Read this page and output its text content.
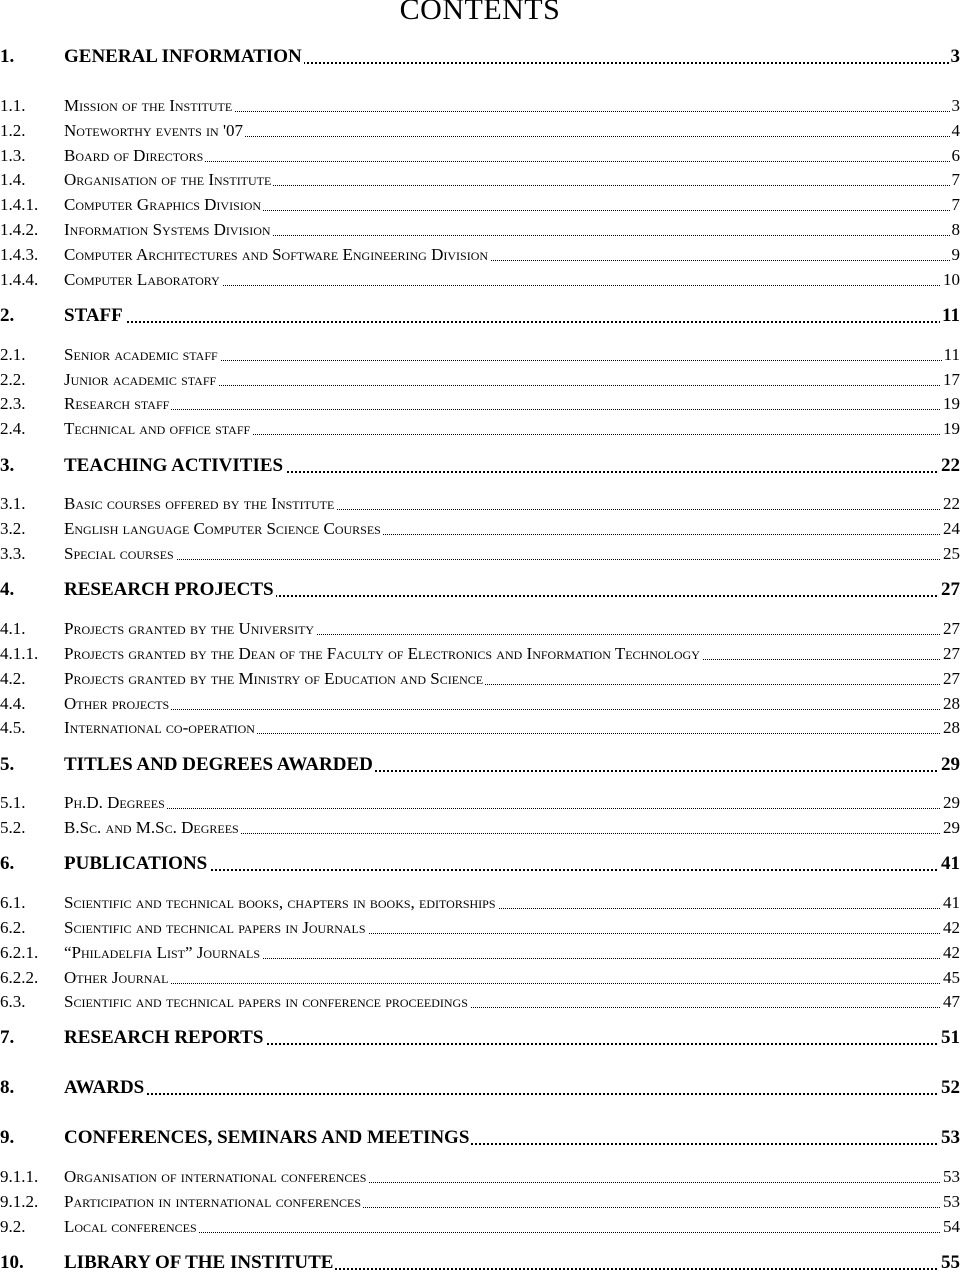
CONTENTS
1.	GENERAL INFORMATION	3
1.1. Mission of the Institute	3
1.2. Noteworthy events in '07	4
1.3. Board of Directors	6
1.4. Organisation of the Institute	7
1.4.1. Computer Graphics Division	7
1.4.2. Information Systems Division	8
1.4.3. Computer Architectures and Software Engineering Division	9
1.4.4. Computer Laboratory	10
2.	STAFF	11
2.1. Senior academic staff	11
2.2. Junior academic staff	17
2.3. Research staff	19
2.4. Technical and office staff	19
3.	TEACHING ACTIVITIES	22
3.1. Basic courses offered by the Institute	22
3.2. English language Computer Science Courses	24
3.3. Special courses	25
4.	RESEARCH PROJECTS	27
4.1. Projects granted by the University	27
4.1.1. Projects granted by the Dean of the Faculty of Electronics and Information Technology	27
4.2. Projects granted by the Ministry of Education and Science	27
4.4. Other projects	28
4.5. International co-operation	28
5.	TITLES AND DEGREES AWARDED	29
5.1. Ph.D. Degrees	29
5.2. B.Sc. and M.Sc. Degrees	29
6.	PUBLICATIONS	41
6.1. Scientific and technical books, chapters in books, editorships	41
6.2. Scientific and technical papers in Journals	42
6.2.1. “Philadelfia List” Journals	42
6.2.2. Other Journal	45
6.3. Scientific and technical papers in conference proceedings	47
7.	RESEARCH REPORTS	51
8.	AWARDS	52
9.	CONFERENCES, SEMINARS AND MEETINGS	53
9.1.1. Organisation of international conferences	53
9.1.2. Participation in international conferences	53
9.2. Local conferences	54
10. LIBRARY OF THE INSTITUTE	55
